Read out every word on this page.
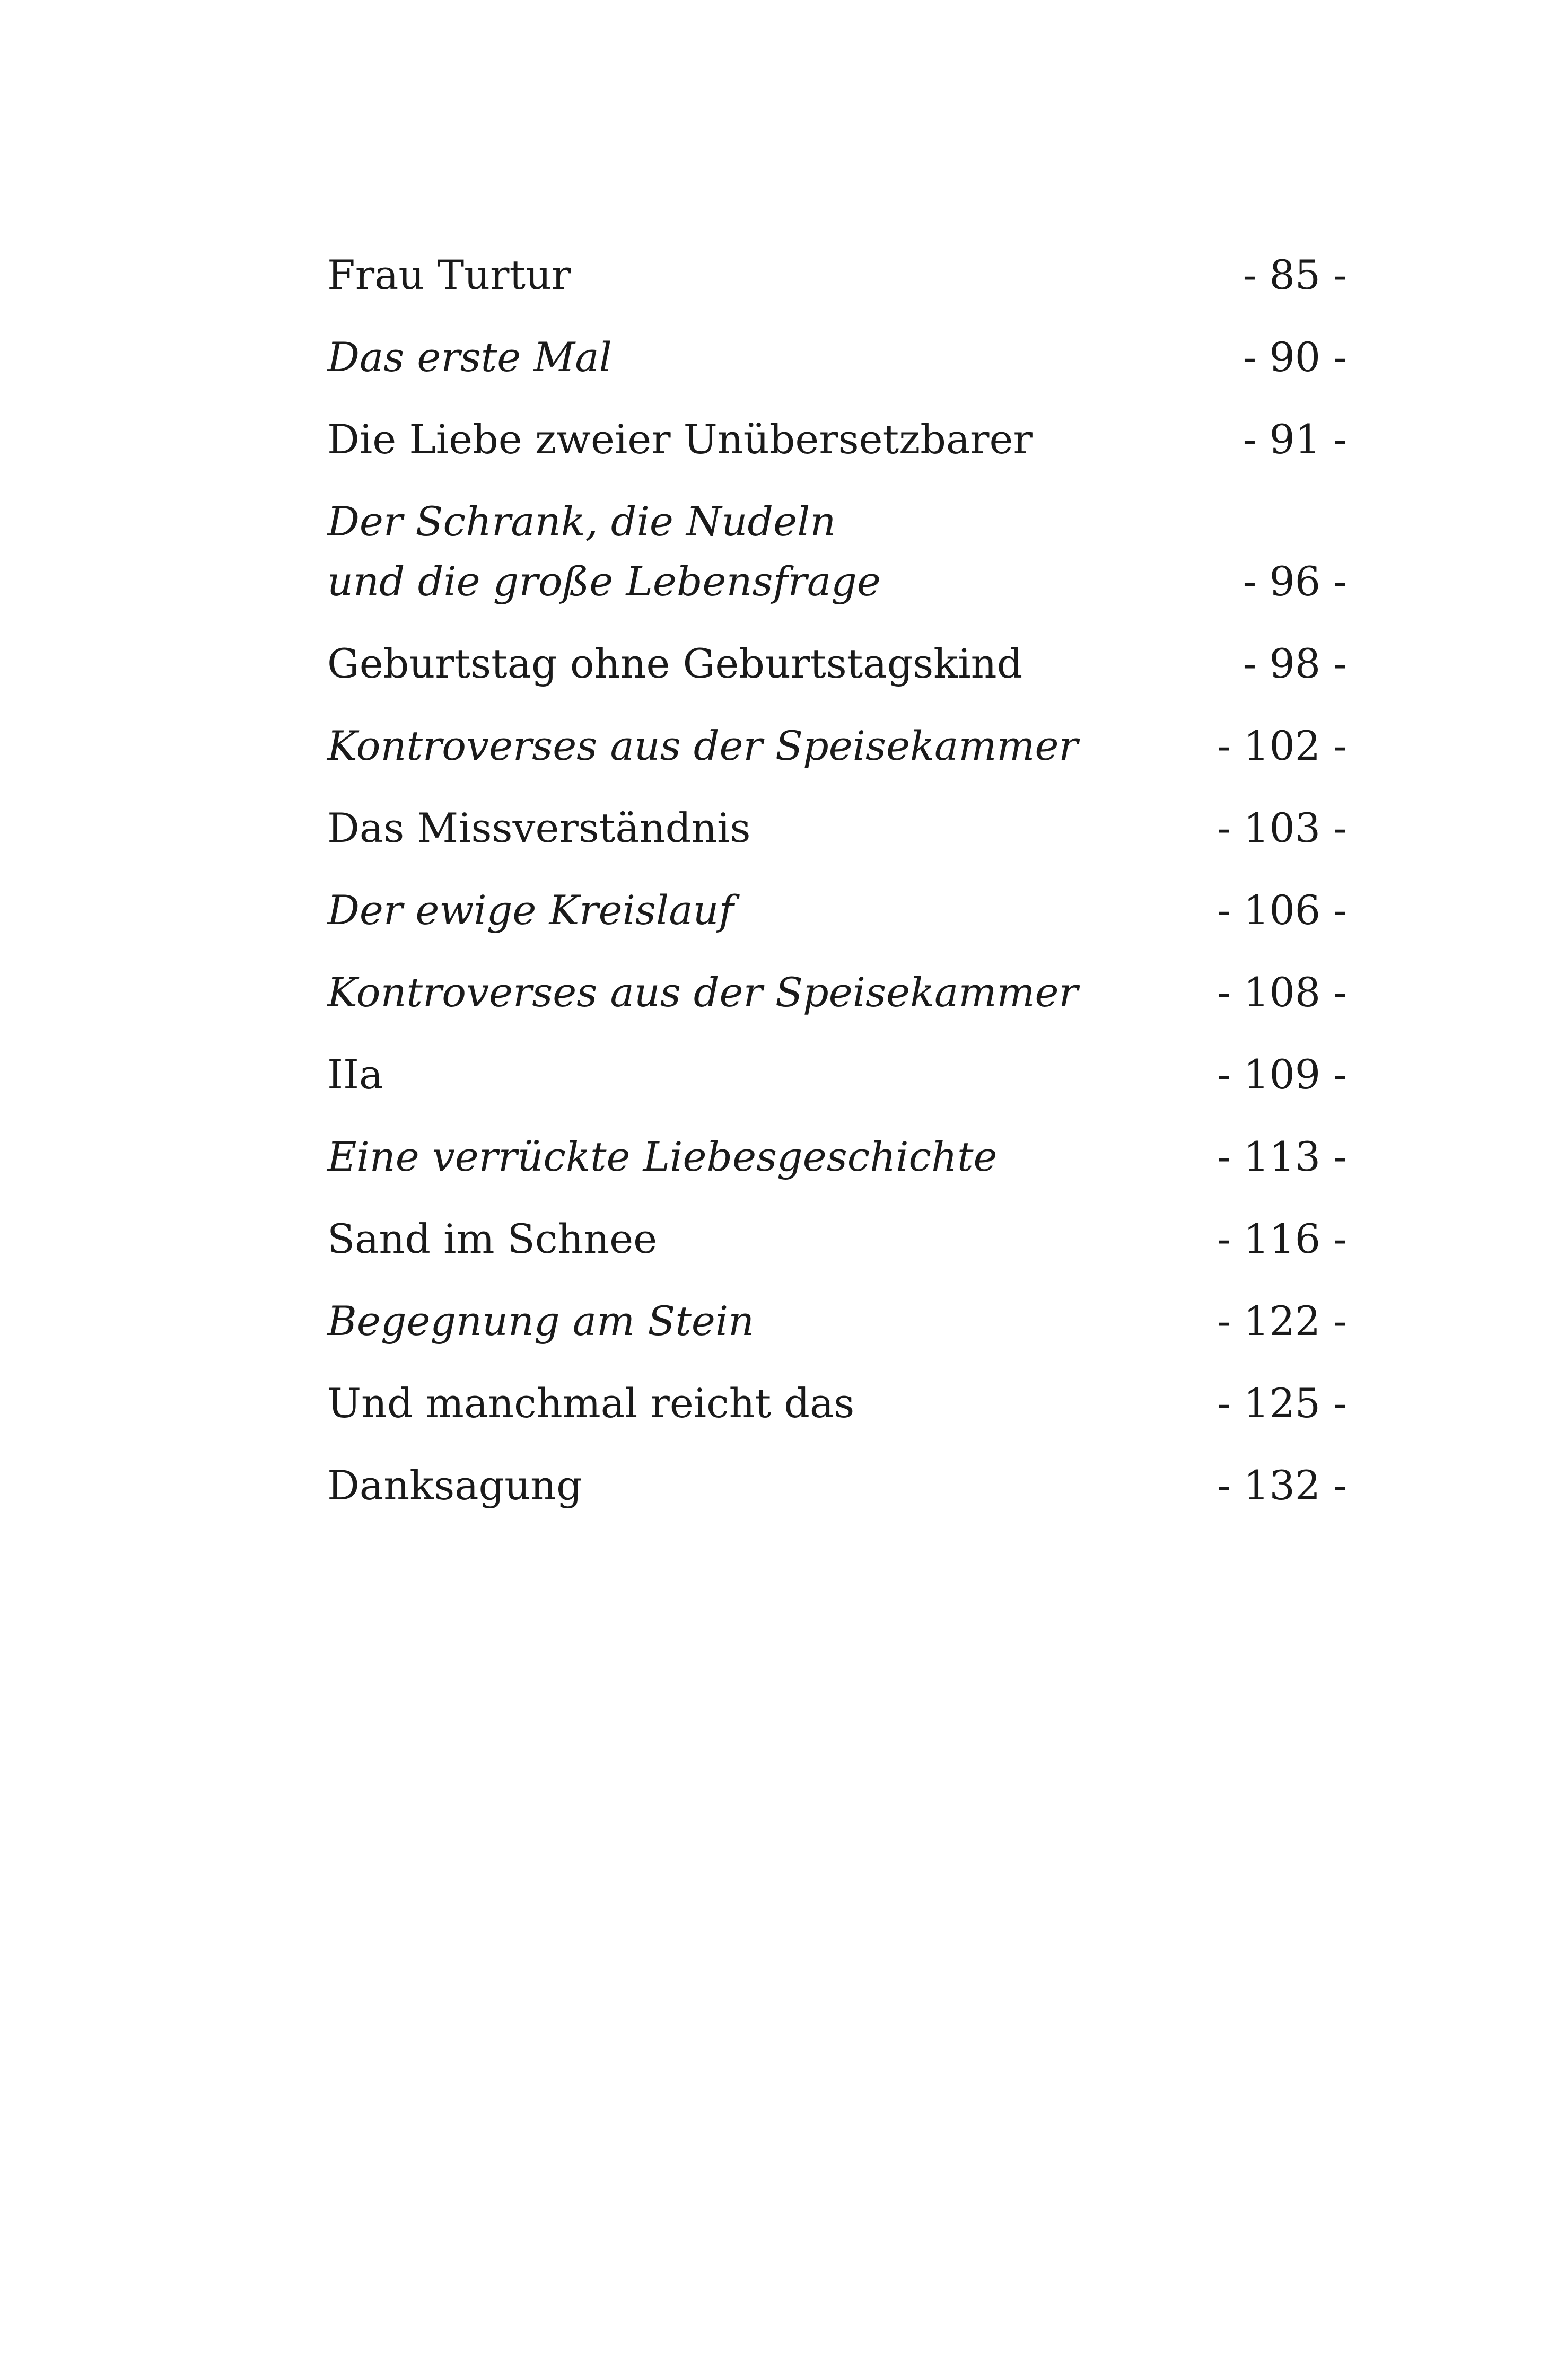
Frau Turtur	- 85 -
Das erste Mal	- 90 -
Die Liebe zweier Unübersetzbarer	- 91 -
Der Schrank, die Nudeln
und die große Lebensfrage	- 96 -
Geburtstag ohne Geburtstagskind	- 98 -
Kontroverses aus der Speisekammer	- 102 -
Das Missverständnis	- 103 -
Der ewige Kreislauf	- 106 -
Kontroverses aus der Speisekammer	- 108 -
IIa	- 109 -
Eine verrückte Liebesgeschichte	- 113 -
Sand im Schnee	- 116 -
Begegnung am Stein	- 122 -
Und manchmal reicht das	- 125 -
Danksagung	- 132 -
